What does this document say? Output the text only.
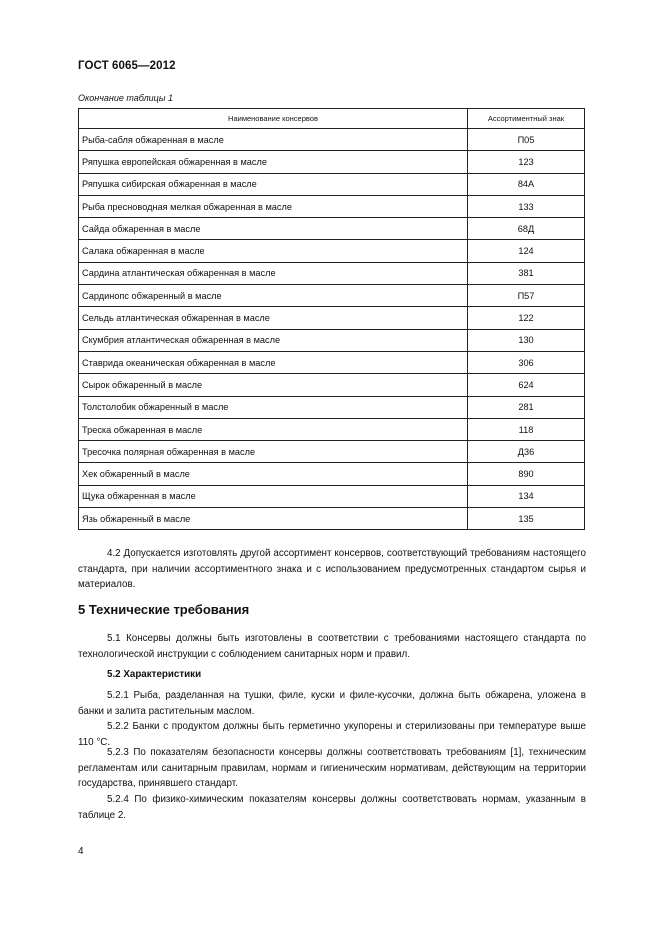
ГОСТ 6065—2012
Окончание таблицы 1
Наименование консервов	Ассортиментный знак
Рыба-сабля обжаренная в масле	П05
Ряпушка европейская обжаренная в масле	123
Ряпушка сибирская обжаренная в масле	84А
Рыба пресноводная мелкая обжаренная в масле	133
Сайда обжаренная в масле	68Д
Салака обжаренная в масле	124
Сардина атлантическая обжаренная в масле	381
Сардинопс обжаренный в масле	П57
Сельдь атлантическая обжаренная в масле	122
Скумбрия атлантическая обжаренная в масле	130
Ставрида океаническая обжаренная в масле	306
Сырок обжаренный в масле	624
Толстолобик обжаренный в масле	281
Треска обжаренная в масле	118
Тресочка полярная обжаренная в масле	Д36
Хек обжаренный в масле	890
Щука обжаренная в масле	134
Язь обжаренный в масле	135
4.2 Допускается изготовлять другой ассортимент консервов, соответствующий требованиям настоящего стандарта, при наличии ассортиментного знака и с использованием предусмотренных стандартом сырья и материалов.
5 Технические требования
5.1 Консервы должны быть изготовлены в соответствии с требованиями настоящего стандарта по технологической инструкции с соблюдением санитарных норм и правил.
5.2 Характеристики
5.2.1 Рыба, разделанная на тушки, филе, куски и филе-кусочки, должна быть обжарена, уложена в банки и залита растительным маслом.
5.2.2 Банки с продуктом должны быть герметично укупорены и стерилизованы при температуре выше 110 °С.
5.2.3 По показателям безопасности консервы должны соответствовать требованиям [1], техническим регламентам или санитарным правилам, нормам и гигиеническим нормативам, действующим на территории государства, принявшего стандарт.
5.2.4 По физико-химическим показателям консервы должны соответствовать нормам, указанным в таблице 2.
4
